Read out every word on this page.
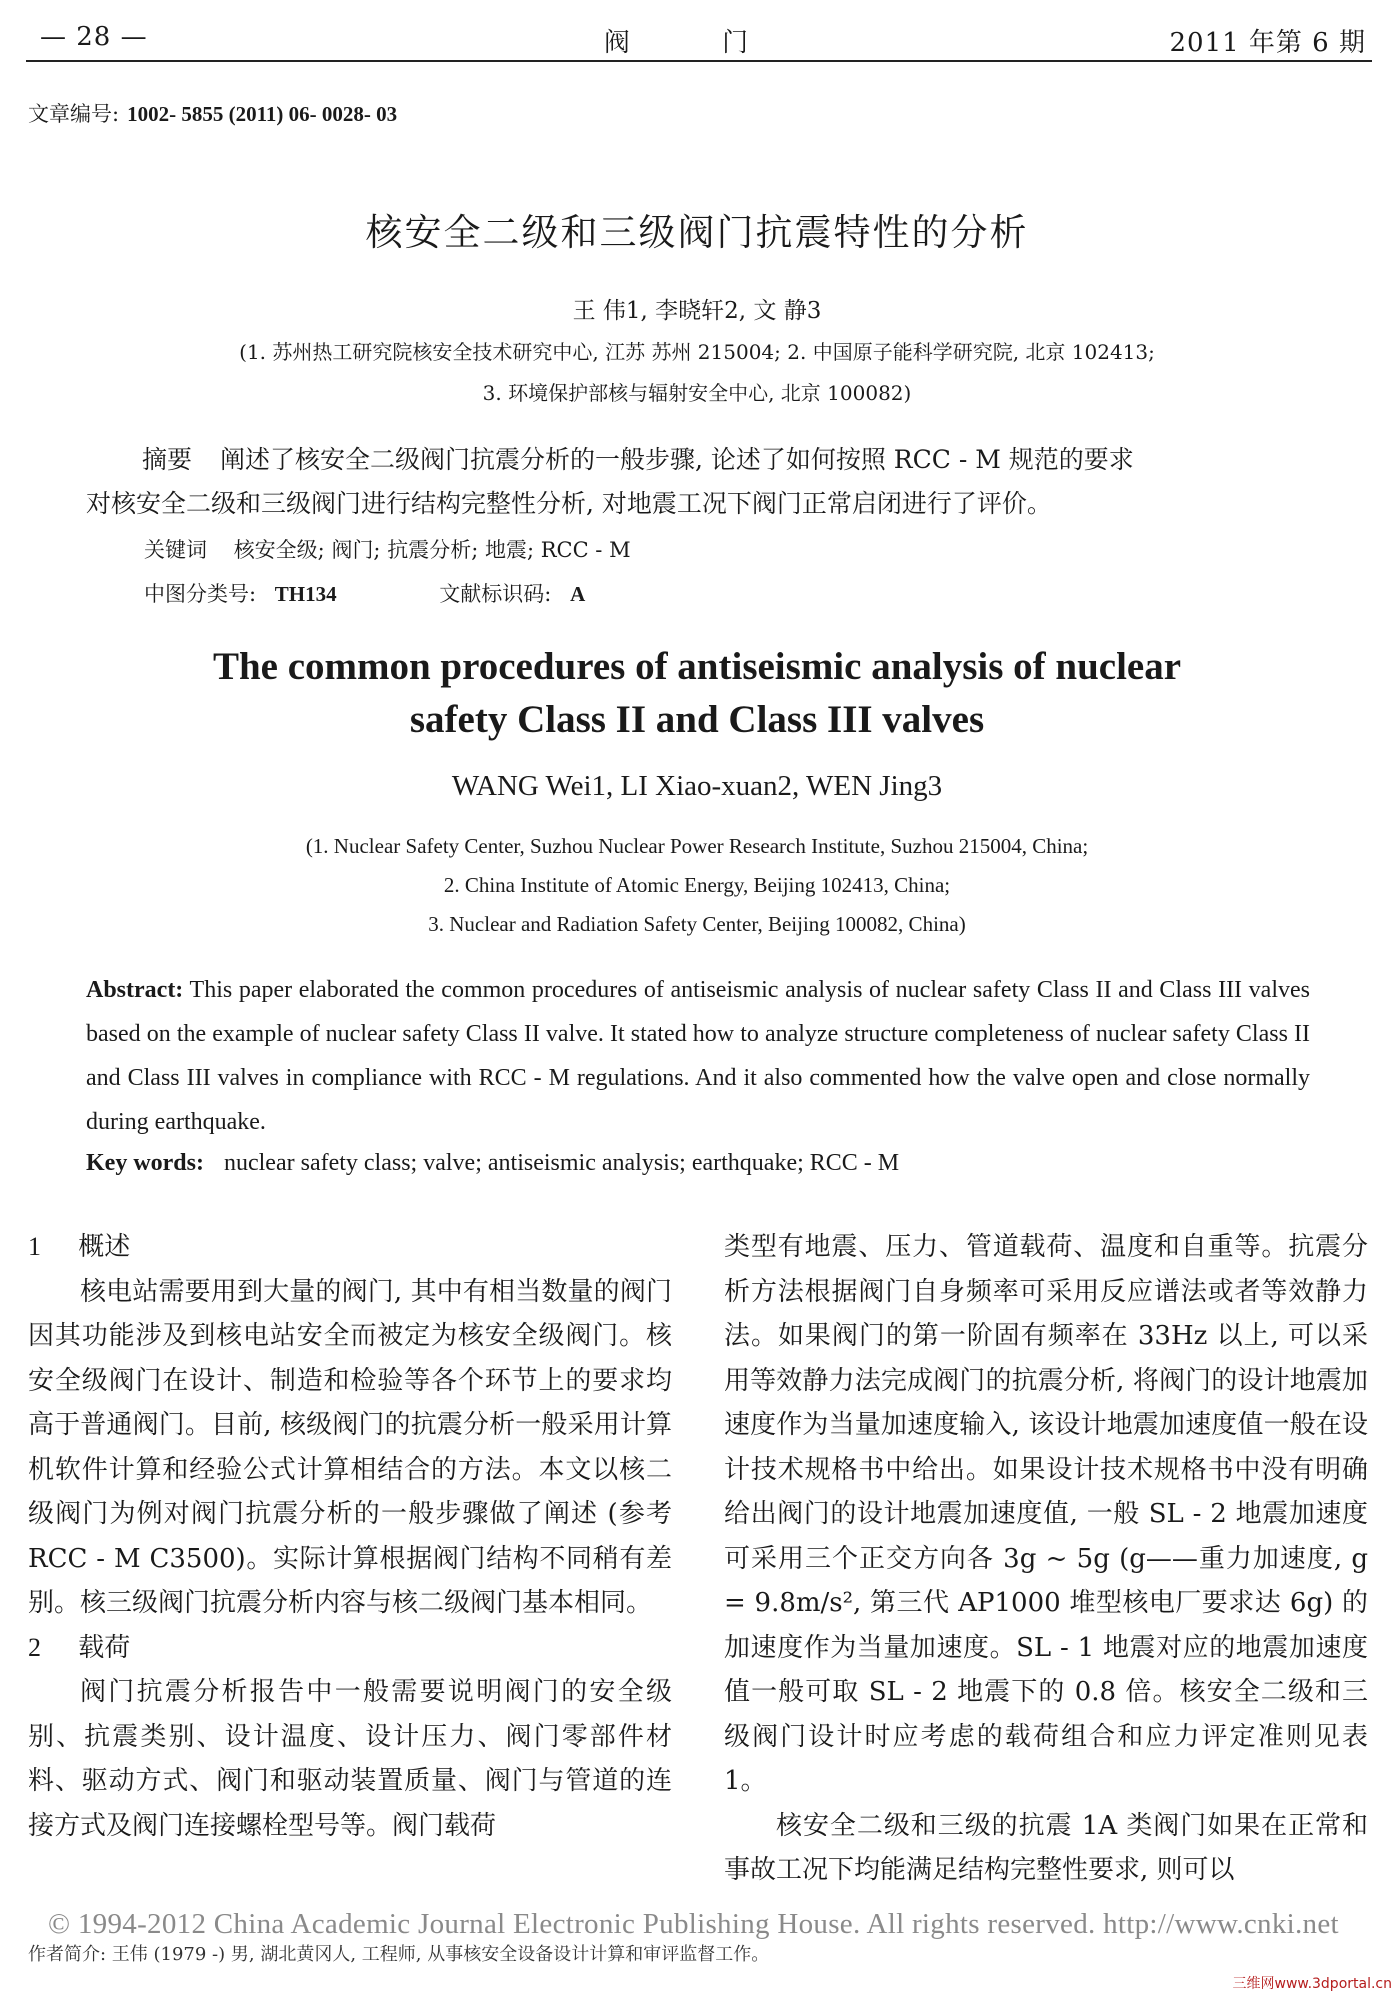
— 28 —	阀 门	2011 年第 6 期
文章编号: 1002- 5855 (2011) 06- 0028- 03
核安全二级和三级阀门抗震特性的分析
王 伟1, 李晓轩2, 文 静3
(1. 苏州热工研究院核安全技术研究中心, 江苏 苏州 215004; 2. 中国原子能科学研究院, 北京 102413;
3. 环境保护部核与辐射安全中心, 北京 100082)
摘要 阐述了核安全二级阀门抗震分析的一般步骤, 论述了如何按照 RCC - M 规范的要求
对核安全二级和三级阀门进行结构完整性分析, 对地震工况下阀门正常启闭进行了评价。
关键词 核安全级; 阀门; 抗震分析; 地震; RCC - M
中图分类号: TH134	文献标识码: A
The common procedures of antiseismic analysis of nuclear
safety Class II and Class III valves
WANG Wei1, LI Xiao-xuan2, WEN Jing3
(1. Nuclear Safety Center, Suzhou Nuclear Power Research Institute, Suzhou 215004, China;
2. China Institute of Atomic Energy, Beijing 102413, China;
3. Nuclear and Radiation Safety Center, Beijing 100082, China)
Abstract: This paper elaborated the common procedures of antiseismic analysis of nuclear safety Class II and Class III valves based on the example of nuclear safety Class II valve. It stated how to analyze structure completeness of nuclear safety Class II and Class III valves in compliance with RCC - M regulations. And it also commented how the valve open and close normally during earthquake.
Key words: nuclear safety class; valve; antiseismic analysis; earthquake; RCC - M
1 概述

核电站需要用到大量的阀门, 其中有相当数量的阀门因其功能涉及到核电站安全而被定为核安全级阀门。核安全级阀门在设计、制造和检验等各个环节上的要求均高于普通阀门。目前, 核级阀门的抗震分析一般采用计算机软件计算和经验公式计算相结合的方法。本文以核二级阀门为例对阀门抗震分析的一般步骤做了阐述 (参考 RCC - M C3500)。实际计算根据阀门结构不同稍有差别。核三级阀门抗震分析内容与核二级阀门基本相同。

2 载荷

阀门抗震分析报告中一般需要说明阀门的安全级别、抗震类别、设计温度、设计压力、阀门零部件材料、驱动方式、阀门和驱动装置质量、阀门与管道的连接方式及阀门连接螺栓型号等。阀门载荷

类型有地震、压力、管道载荷、温度和自重等。抗震分析方法根据阀门自身频率可采用反应谱法或者等效静力法。如果阀门的第一阶固有频率在 33Hz 以上, 可以采用等效静力法完成阀门的抗震分析, 将阀门的设计地震加速度作为当量加速度输入, 该设计地震加速度值一般在设计技术规格书中给出。如果设计技术规格书中没有明确给出阀门的设计地震加速度值, 一般 SL - 2 地震加速度可采用三个正交方向各 3g ~ 5g (g——重力加速度, g = 9.8m/s², 第三代 AP1000 堆型核电厂要求达 6g) 的加速度作为当量加速度。SL - 1 地震对应的地震加速度值一般可取 SL - 2 地震下的 0.8 倍。核安全二级和三级阀门设计时应考虑的载荷组合和应力评定准则见表 1。

核安全二级和三级的抗震 1A 类阀门如果在正常和事故工况下均能满足结构完整性要求, 则可以

© 1994-2012 China Academic Journal Electronic Publishing House. All rights reserved. http://www.cnki.net
作者简介: 王伟 (1979 -) 男, 湖北黄冈人, 工程师, 从事核安全设备设计计算和审评监督工作。
三维网www.3dportal.cn
